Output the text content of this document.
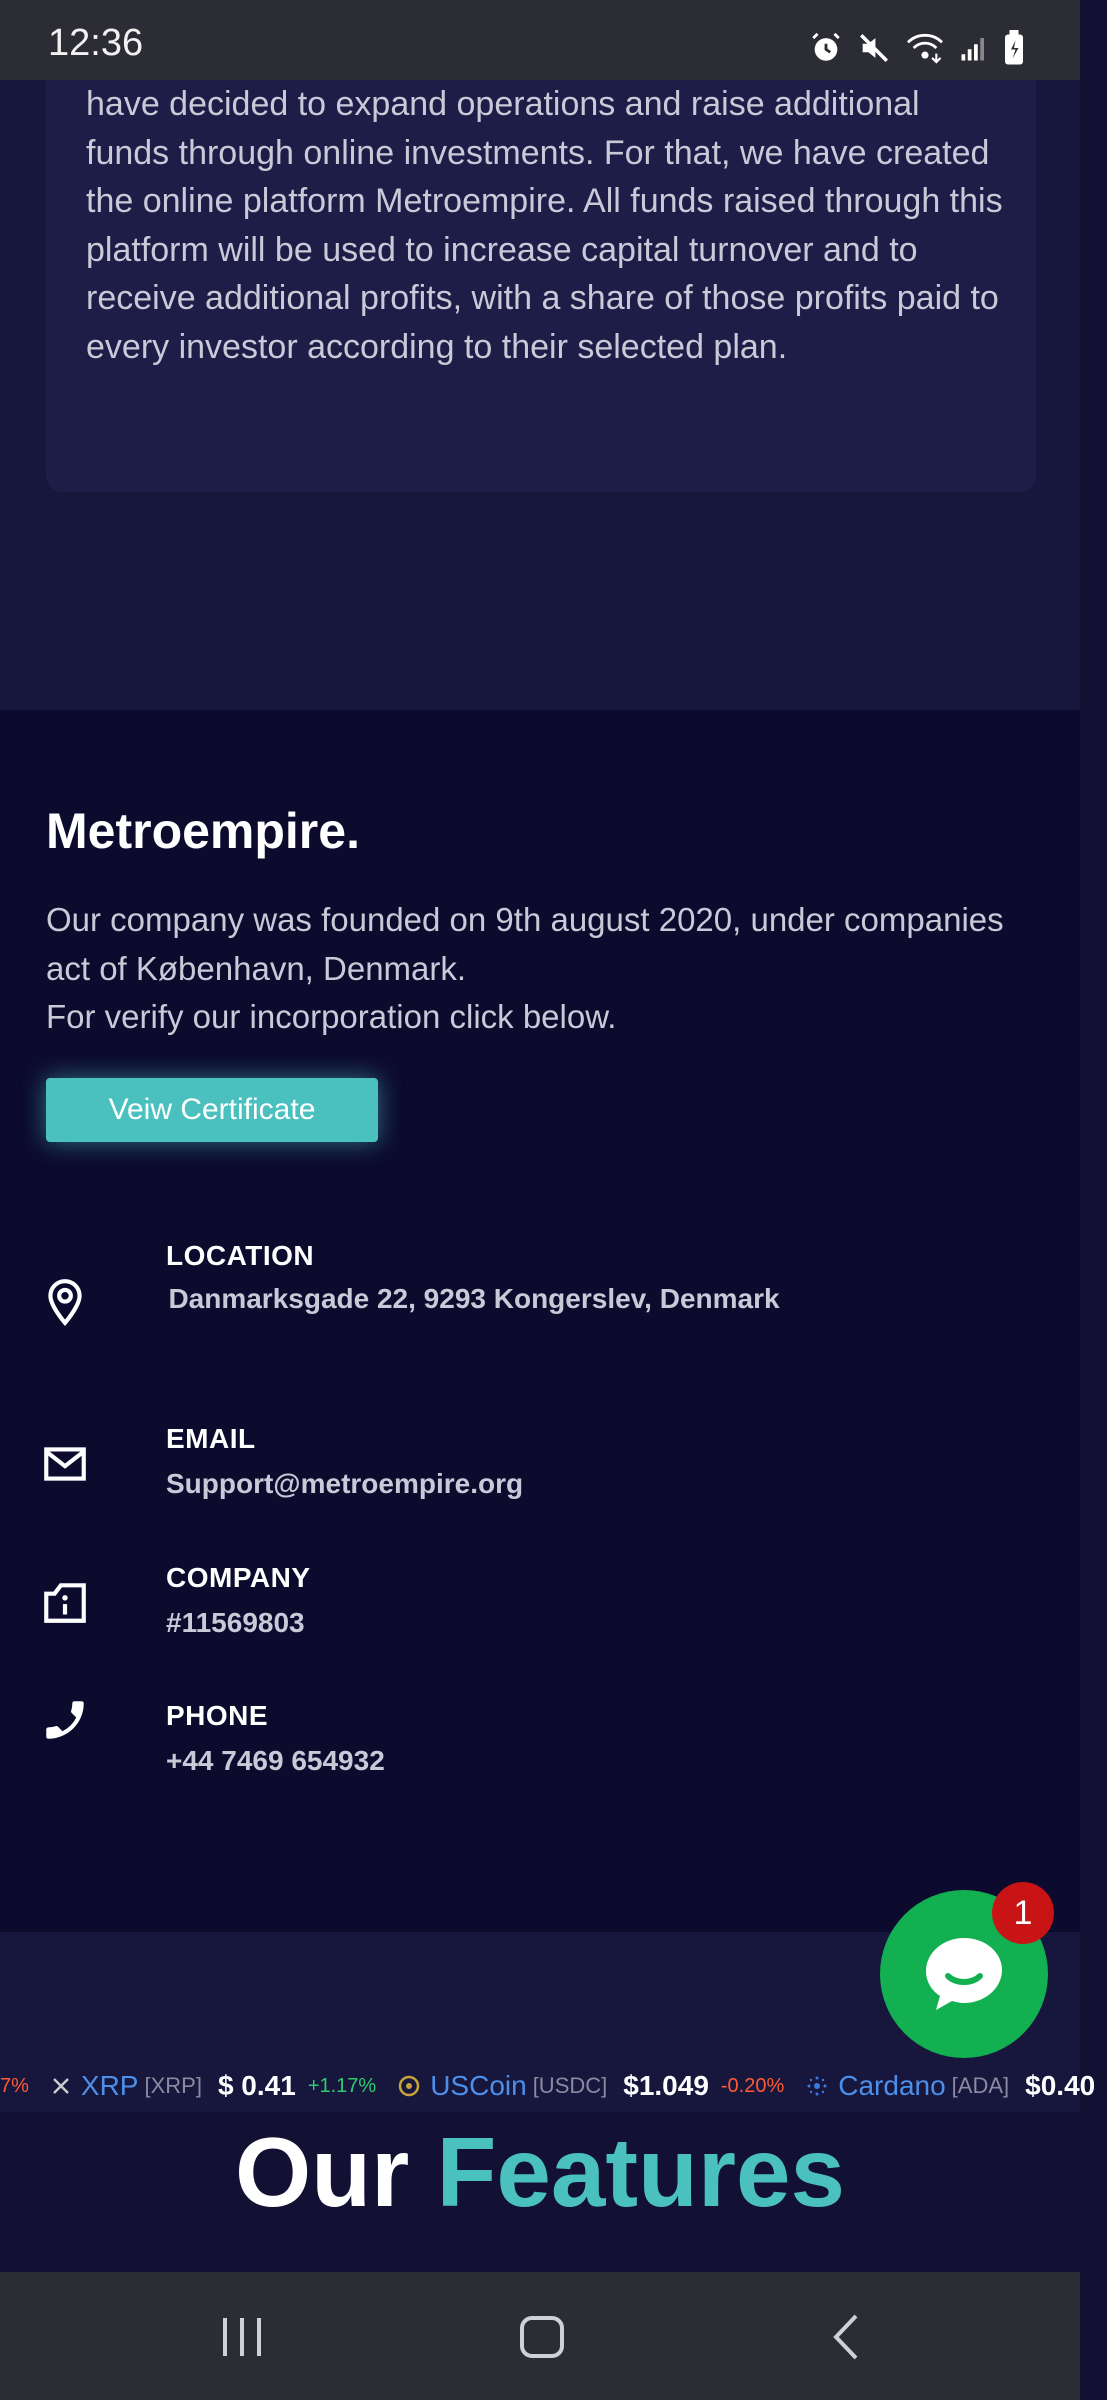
12:36

have decided to expand operations and raise additional funds through online investments. For that, we have created the online platform Metroempire. All funds raised through this platform will be used to increase capital turnover and to receive additional profits, with a share of those profits paid to every investor according to their selected plan.

Metroempire.

Our company was founded on 9th august 2020, under companies act of København, Denmark.
For verify our incorporation click below.

Veiw Certificate
LOCATION
Danmarksgade 22, 9293 Kongerslev, Denmark
EMAIL
Support@metroempire.org
COMPANY
#11569803
PHONE
+44 7469 654932
7% XRP [XRP] $ 0.41 +1.17% USCoin [USDC] $1.049 -0.20% Cardano [ADA] $0.40
Our Features
1
